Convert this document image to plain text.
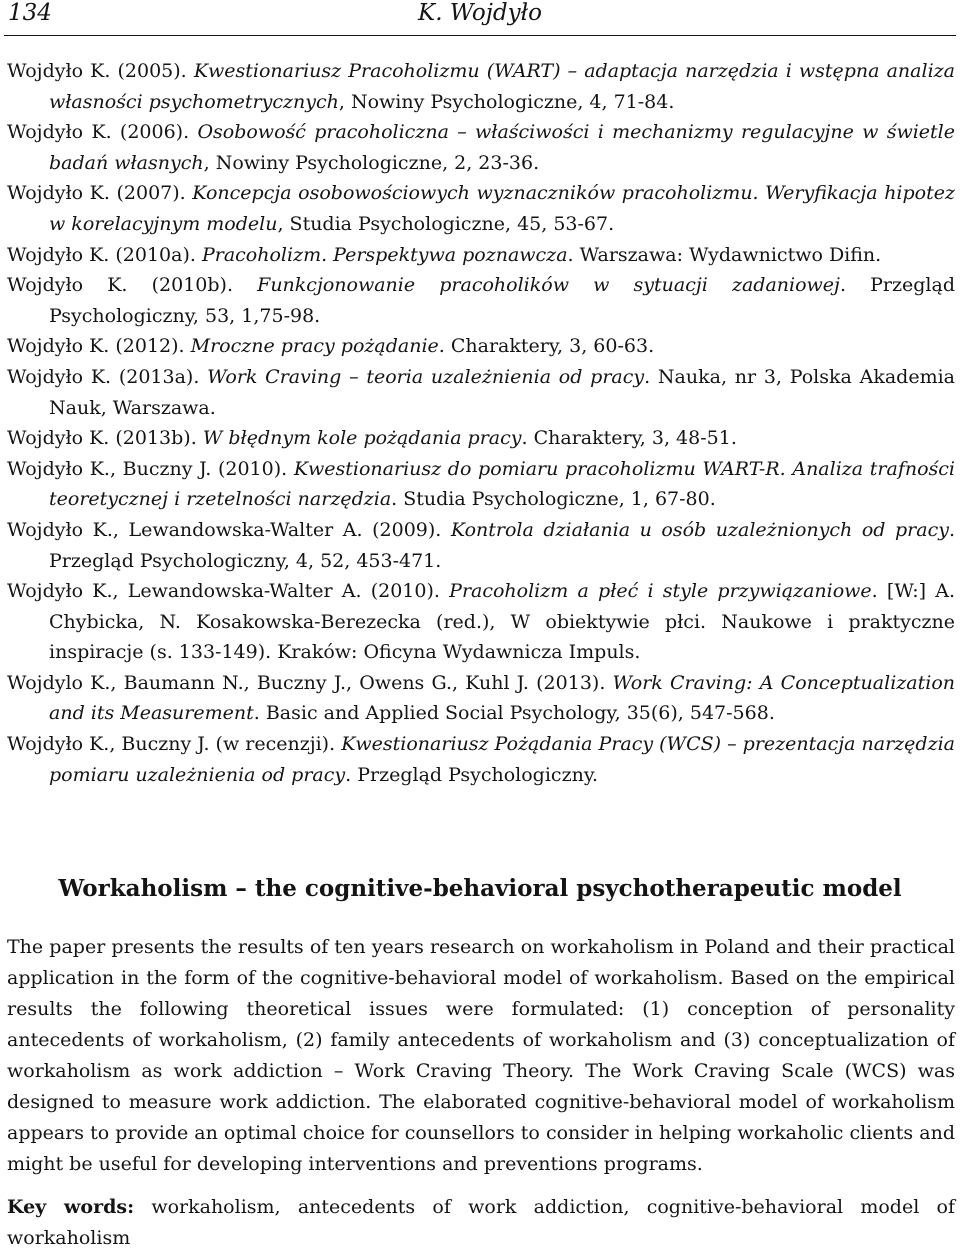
134	K. Wojdyło
Wojdyło K. (2005). Kwestionariusz Pracoholizmu (WART) – adaptacja narzędzia i wstępna analiza własności psychometrycznych, Nowiny Psychologiczne, 4, 71-84.
Wojdyło K. (2006). Osobowość pracoholiczna – właściwości i mechanizmy regulacyjne w świetle badań własnych, Nowiny Psychologiczne, 2, 23-36.
Wojdyło K. (2007). Koncepcja osobowościowych wyznaczników pracoholizmu. Weryfikacja hipotez w korelacyjnym modelu, Studia Psychologiczne, 45, 53-67.
Wojdyło K. (2010a). Pracoholizm. Perspektywa poznawcza. Warszawa: Wydawnictwo Difin.
Wojdyło K. (2010b). Funkcjonowanie pracoholików w sytuacji zadaniowej. Przegląd Psychologiczny, 53, 1,75-98.
Wojdyło K. (2012). Mroczne pracy pożądanie. Charaktery, 3, 60-63.
Wojdyło K. (2013a). Work Craving – teoria uzależnienia od pracy. Nauka, nr 3, Polska Akademia Nauk, Warszawa.
Wojdyło K. (2013b). W błędnym kole pożądania pracy. Charaktery, 3, 48-51.
Wojdyło K., Buczny J. (2010). Kwestionariusz do pomiaru pracoholizmu WART-R. Analiza trafności teoretycznej i rzetelności narzędzia. Studia Psychologiczne, 1, 67-80.
Wojdyło K., Lewandowska-Walter A. (2009). Kontrola działania u osób uzależnionych od pracy. Przegląd Psychologiczny, 4, 52, 453-471.
Wojdyło K., Lewandowska-Walter A. (2010). Pracoholizm a płeć i style przywiązaniowe. [W:] A. Chybicka, N. Kosakowska-Berezecka (red.), W obiektywie płci. Naukowe i praktyczne inspiracje (s. 133-149). Kraków: Oficyna Wydawnicza Impuls.
Wojdylo K., Baumann N., Buczny J., Owens G., Kuhl J. (2013). Work Craving: A Conceptualization and its Measurement. Basic and Applied Social Psychology, 35(6), 547-568.
Wojdyło K., Buczny J. (w recenzji). Kwestionariusz Pożądania Pracy (WCS) – prezentacja narzędzia pomiaru uzależnienia od pracy. Przegląd Psychologiczny.
Workaholism – the cognitive-behavioral psychotherapeutic model

The paper presents the results of ten years research on workaholism in Poland and their practical application in the form of the cognitive-behavioral model of workaholism. Based on the empirical results the following theoretical issues were formulated: (1) conception of personality antecedents of workaholism, (2) family antecedents of workaholism and (3) conceptualization of workaholism as work addiction – Work Craving Theory. The Work Craving Scale (WCS) was designed to measure work addiction. The elaborated cognitive-behavioral model of workaholism appears to provide an optimal choice for counsellors to consider in helping workaholic clients and might be useful for developing interventions and preventions programs.

Key words: workaholism, antecedents of work addiction, cognitive-behavioral model of workaholism
